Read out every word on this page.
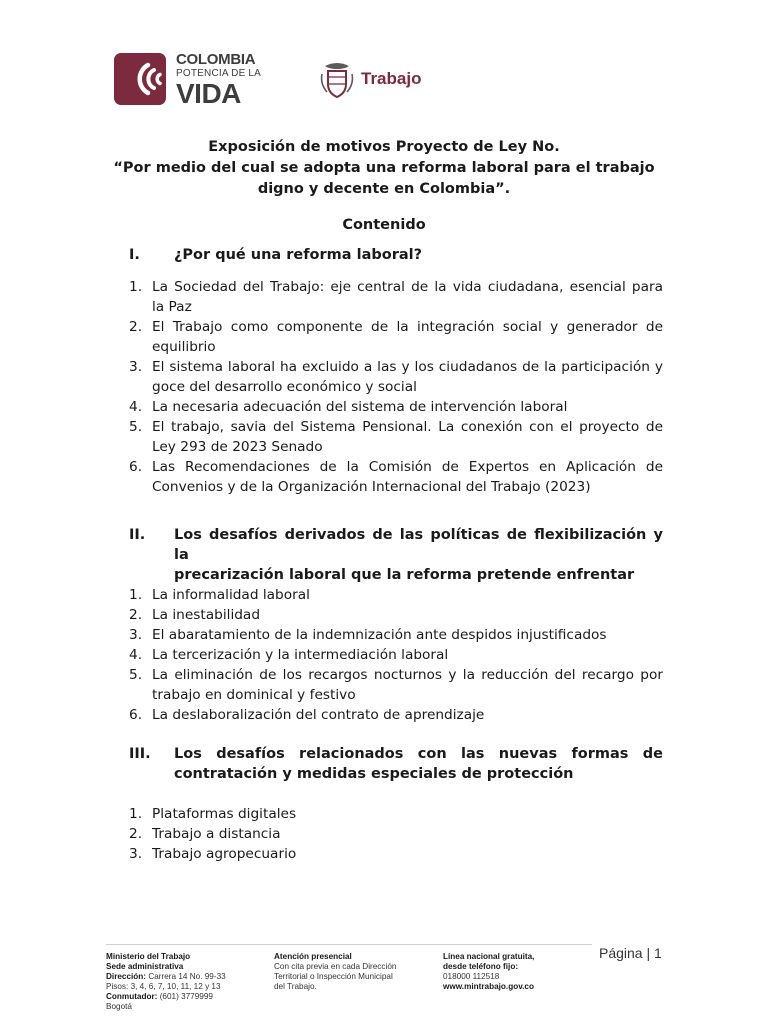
COLOMBIA
POTENCIA DE LA
VIDA	Trabajo
Exposición de motivos Proyecto de Ley No.
“Por medio del cual se adopta una reforma laboral para el trabajo
digno y decente en Colombia”.
Contenido
I. ¿Por qué una reforma laboral?
1. La Sociedad del Trabajo: eje central de la vida ciudadana, esencial para
la Paz
2. El Trabajo como componente de la integración social y generador de
equilibrio
3. El sistema laboral ha excluido a las y los ciudadanos de la participación y
goce del desarrollo económico y social
4. La necesaria adecuación del sistema de intervención laboral
5. El trabajo, savia del Sistema Pensional. La conexión con el proyecto de
Ley 293 de 2023 Senado
6. Las Recomendaciones de la Comisión de Expertos en Aplicación de
Convenios y de la Organización Internacional del Trabajo (2023)
II. Los desafíos derivados de las políticas de flexibilización y la
precarización laboral que la reforma pretende enfrentar
1. La informalidad laboral
2. La inestabilidad
3. El abaratamiento de la indemnización ante despidos injustificados
4. La tercerización y la intermediación laboral
5. La eliminación de los recargos nocturnos y la reducción del recargo por
trabajo en dominical y festivo
6. La deslaboralización del contrato de aprendizaje
III. Los desafíos relacionados con las nuevas formas de
contratación y medidas especiales de protección
1. Plataformas digitales
2. Trabajo a distancia
3. Trabajo agropecuario
Ministerio del Trabajo
Sede administrativa
Dirección: Carrera 14 No. 99-33
Pisos: 3, 4, 6, 7, 10, 11, 12 y 13
Conmutador: (601) 3779999
Bogotá
Atención presencial
Con cita previa en cada Dirección
Territorial o Inspección Municipal
del Trabajo.
Línea nacional gratuita,
desde teléfono fijo:
018000 112518
www.mintrabajo.gov.co
Página | 1
